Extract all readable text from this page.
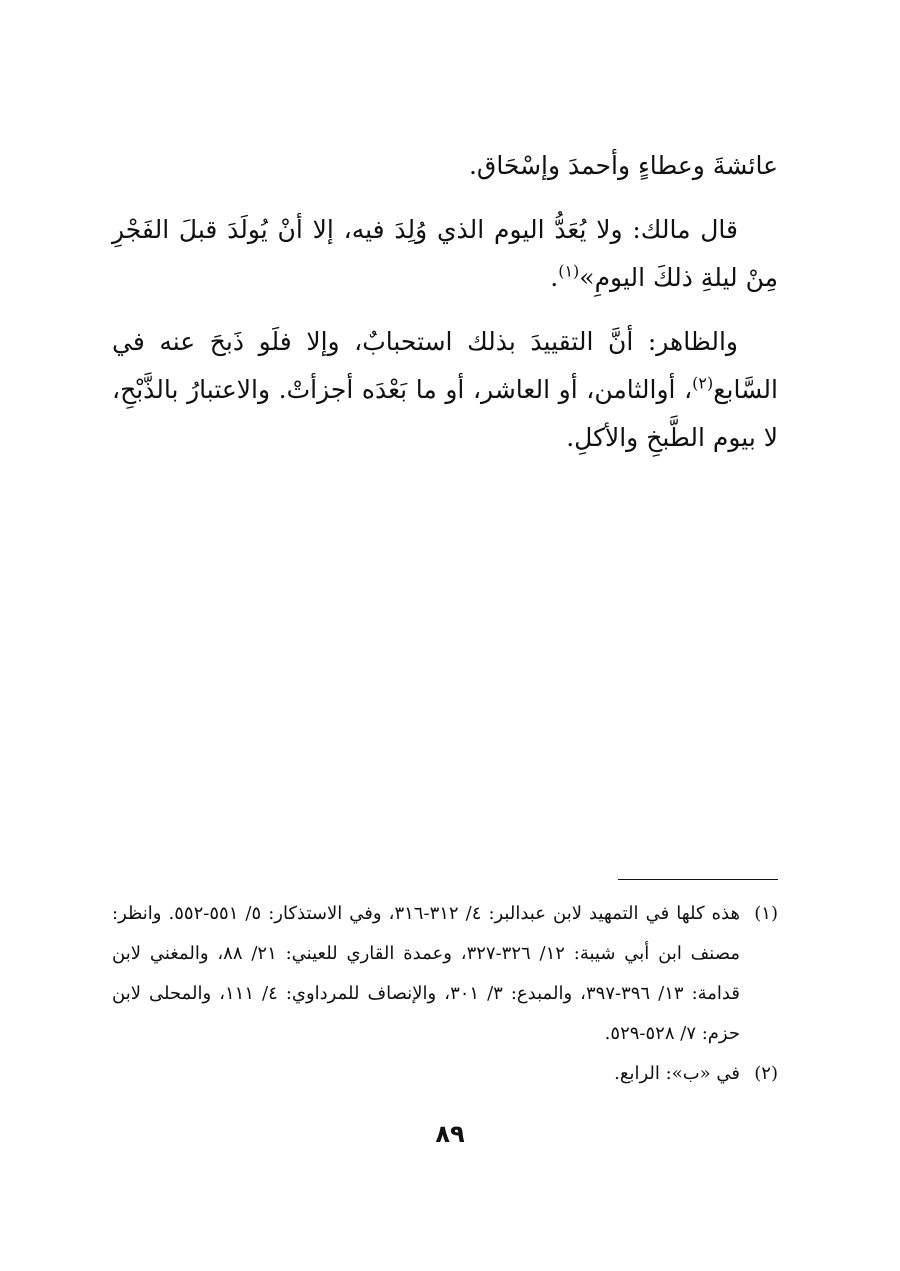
عائشةَ وعطاءٍ وأحمدَ وإسْحَاق.

قال مالك: ولا يُعَدُّ اليوم الذي وُلِدَ فيه، إلا أنْ يُولَدَ قبلَ الفَجْرِ مِنْ ليلةِ ذلكَ اليومِ»$^{(١)}$.

والظاهر: أنَّ التقييدَ بذلك استحبابٌ، وإلا فلَو ذَبحَ عنه في السَّابع$^{(٢)}$، أوالثامن، أو العاشر، أو ما بَعْدَه أجزأتْ. والاعتبارُ بالذَّبْحِ، لا بيوم الطَّبخِ والأكلِ.

(١)
هذه كلها في التمهيد لابن عبدالبر: ٤/ ٣١٢-٣١٦، وفي الاستذكار: ٥/ ٥٥١-٥٥٢. وانظر: مصنف ابن أبي شيبة: ١٢/ ٣٢٦-٣٢٧، وعمدة القاري للعيني: ٢١/ ٨٨، والمغني لابن قدامة: ١٣/ ٣٩٦-٣٩٧، والمبدع: ٣/ ٣٠١، والإنصاف للمرداوي: ٤/ ١١١، والمحلى لابن حزم: ٧/ ٥٢٨-٥٢٩.
(٢)
في «ب»: الرابع.
٨٩
